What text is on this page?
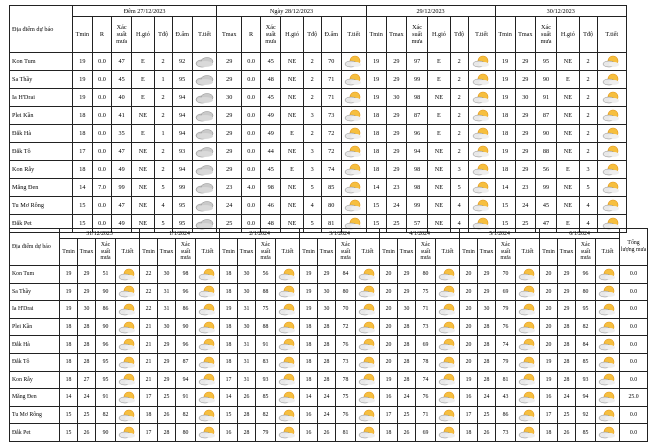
Địa điểm dự báo	Đêm 27/12/2023							Ngày 28/12/2023							29/12/2023						30/12/2023					
	Tmin	R	Xác suất mưa	H.gió	Tđộ	Đ.ẩm	T.tiết	Tmax	R	Xác suất mưa	H.gió	Tđộ	Đ.ẩm	T.tiết	Tmin	Tmax	Xác suất mưa	H.gió	Tđộ	T.tiết	Tmin	Tmax	Xác suất mưa	H.gió	Tđộ	T.tiết
Kon Tum	19	0.0	47	E	2	92		29	0.0	45	NE	2	70		19	29	97	E	2		19	29	95	NE	2	

Sa Thầy	19	0.0	45	E	1	95		29	0.0	48	NE	2	71		19	29	99	E	2		19	29	90	E	2	

Ia H'Drai	19	0.0	40	E	2	94		30	0.0	45	NE	2	71		19	30	98	NE	2		19	30	91	NE	2	

Plei Kần	18	0.0	41	NE	2	94		29	0.0	49	NE	3	73		18	29	87	E	2		18	29	87	NE	2	

Đắk Hà	18	0.0	35	E	1	94		29	0.0	49	E	2	72		18	29	96	E	2		18	29	90	NE	2	

Đắk Tô	17	0.0	47	NE	2	93		29	0.0	44	NE	3	72		18	29	94	NE	2		19	29	88	NE	2	

Kon Rẫy	18	0.0	49	NE	2	94		29	0.0	45	E	3	74		18	29	98	NE	3		18	29	56	E	3	

Măng Đen	14	7.0	99	NE	5	99		23	4.0	98	NE	5	85		14	23	98	NE	5		14	23	99	NE	5	

Tu Mơ Rông	15	0.0	47	NE	4	95		24	0.0	46	NE	4	80		15	24	99	NE	4		15	24	45	NE	4	

Đắk Pet	15	0.0	49	NE	5	95		25	0.0	48	NE	5	81		15	25	57	NE	4		15	25	47	E	4	
Địa điểm dự báo	31/12/2023				1/1/2024				2/1/2024				3/1/2024				4/1/2024				5/1/2024				6/1/2024				Tổng lượng mưa
	Tmin	Tmax	Xác suất mưa	T.tiết	Tmin	Tmax	Xác suất mưa	T.tiết	Tmin	Tmax	Xác suất mưa	T.tiết	Tmin	Tmax	Xác suất mưa	T.tiết	Tmin	Tmax	Xác suất mưa	T.tiết	Tmin	Tmax	Xác suất mưa	T.tiết	Tmin	Tmax	Xác suất mưa	T.tiết	
Kon Tum	19	29	51		22	30	98		18	30	56		19	29	84		20	29	80		20	29	70		20	29	96		0.0
Sa Thầy	19	29	90		22	31	96		18	30	88		19	30	80		20	29	75		20	29	69		20	29	80		0.0
Ia H'Drai	19	30	86		22	31	86		19	31	75		19	30	70		20	30	71		20	30	79		20	29	95		0.0
Plei Kần	18	28	90		21	30	90		18	30	88		18	28	72		20	28	73		20	28	76		20	28	82		0.0
Đắk Hà	18	28	96		21	29	96		18	31	91		18	28	76		20	28	69		20	28	74		20	28	84		0.0
Đắk Tô	18	28	95		21	29	87		18	31	83		18	28	73		20	28	78		20	28	79		19	28	85		0.0
Kon Rẫy	18	27	95		21	29	94		17	31	93		18	28	78		19	28	74		19	28	81		19	28	93		0.0
Măng Đen	14	24	91		17	25	91		14	26	85		14	24	75		16	24	76		16	24	43		16	24	94		25.0
Tu Mơ Rông	15	25	82		18	26	82		15	28	82		16	24	76		17	25	71		17	25	86		17	25	92		0.0
Đắk Pet	15	26	90		17	28	80		16	28	79		16	26	81		18	26	69		18	26	73		18	26	85		0.0
